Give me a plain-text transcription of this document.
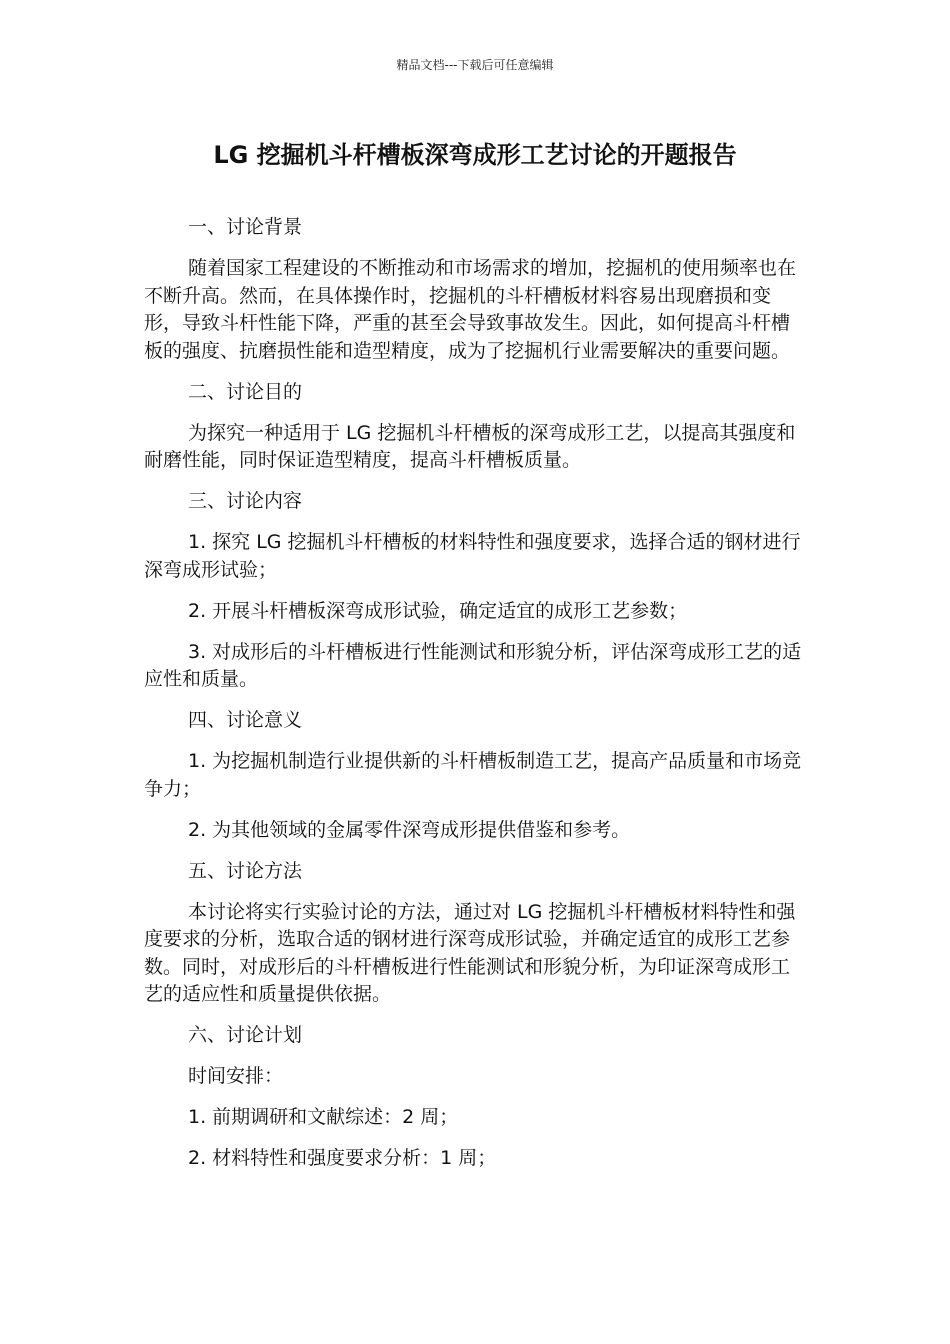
精品文档---下载后可任意编辑
LG 挖掘机斗杆槽板深弯成形工艺讨论的开题报告

一、讨论背景

随着国家工程建设的不断推动和市场需求的增加，挖掘机的使用频率也在不断升高。然而，在具体操作时，挖掘机的斗杆槽板材料容易出现磨损和变形，导致斗杆性能下降，严重的甚至会导致事故发生。因此，如何提高斗杆槽板的强度、抗磨损性能和造型精度，成为了挖掘机行业需要解决的重要问题。

二、讨论目的

为探究一种适用于 LG 挖掘机斗杆槽板的深弯成形工艺，以提高其强度和耐磨性能，同时保证造型精度，提高斗杆槽板质量。

三、讨论内容

1. 探究 LG 挖掘机斗杆槽板的材料特性和强度要求，选择合适的钢材进行深弯成形试验；

2. 开展斗杆槽板深弯成形试验，确定适宜的成形工艺参数；

3. 对成形后的斗杆槽板进行性能测试和形貌分析，评估深弯成形工艺的适应性和质量。

四、讨论意义

1. 为挖掘机制造行业提供新的斗杆槽板制造工艺，提高产品质量和市场竞争力；

2. 为其他领域的金属零件深弯成形提供借鉴和参考。

五、讨论方法

本讨论将实行实验讨论的方法，通过对 LG 挖掘机斗杆槽板材料特性和强度要求的分析，选取合适的钢材进行深弯成形试验，并确定适宜的成形工艺参数。同时，对成形后的斗杆槽板进行性能测试和形貌分析，为印证深弯成形工艺的适应性和质量提供依据。

六、讨论计划

时间安排：

1. 前期调研和文献综述：2 周；

2. 材料特性和强度要求分析：1 周；
